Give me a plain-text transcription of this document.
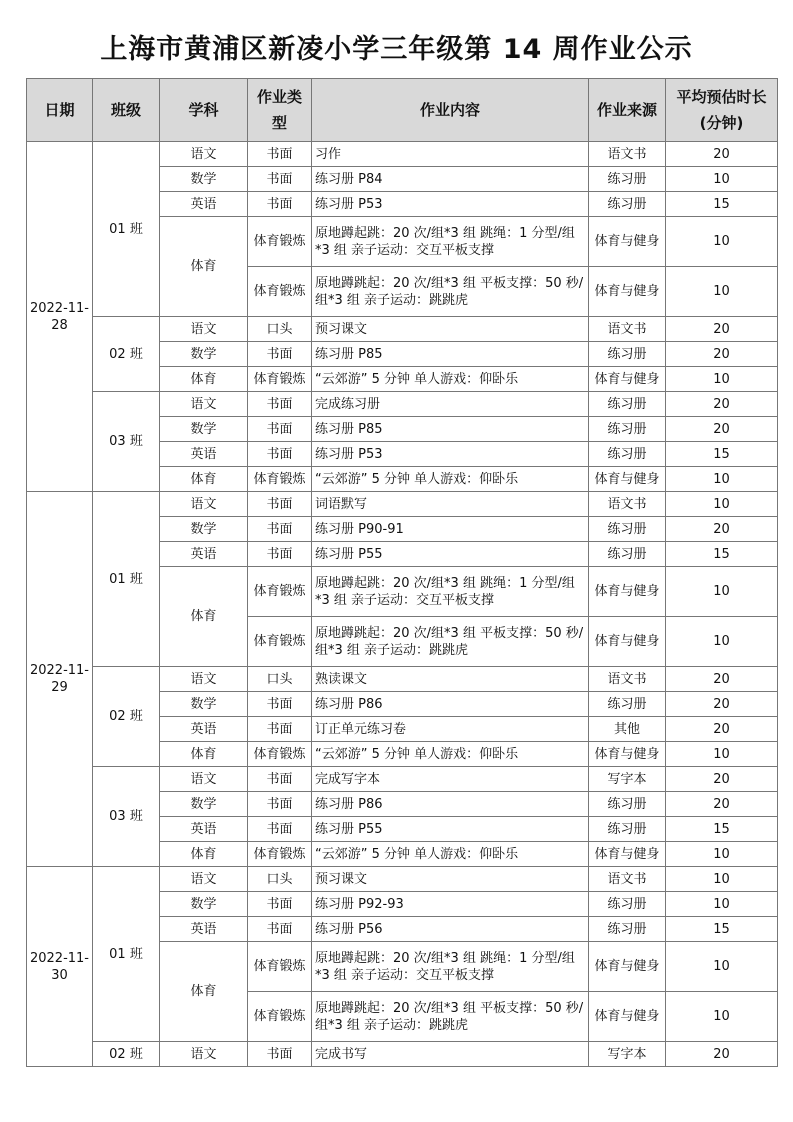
上海市黄浦区新凌小学三年级第 14 周作业公示
日期	班级	学科	作业类型	作业内容	作业来源	平均预估时长(分钟)
2022-11-28	01 班	语文	书面	习作	语文书	20
		数学	书面	练习册 P84	练习册	10
		英语	书面	练习册 P53	练习册	15
		体育	体育锻炼	原地蹲起跳：20 次/组*3 组 跳绳：1 分型/组*3 组 亲子运动：交互平板支撑	体育与健身	10
			体育锻炼	原地蹲跳起：20 次/组*3 组 平板支撑：50 秒/组*3 组 亲子运动：跳跳虎	体育与健身	10
	02 班	语文	口头	预习课文	语文书	20
		数学	书面	练习册 P85	练习册	20
		体育	体育锻炼	“云郊游” 5 分钟 单人游戏：仰卧乐	体育与健身	10
	03 班	语文	书面	完成练习册	练习册	20
		数学	书面	练习册 P85	练习册	20
		英语	书面	练习册 P53	练习册	15
		体育	体育锻炼	“云郊游” 5 分钟 单人游戏：仰卧乐	体育与健身	10
2022-11-29	01 班	语文	书面	词语默写	语文书	10
		数学	书面	练习册 P90-91	练习册	20
		英语	书面	练习册 P55	练习册	15
		体育	体育锻炼	原地蹲起跳：20 次/组*3 组 跳绳：1 分型/组*3 组 亲子运动：交互平板支撑	体育与健身	10
			体育锻炼	原地蹲跳起：20 次/组*3 组 平板支撑：50 秒/组*3 组 亲子运动：跳跳虎	体育与健身	10
	02 班	语文	口头	熟读课文	语文书	20
		数学	书面	练习册 P86	练习册	20
		英语	书面	订正单元练习卷	其他	20
		体育	体育锻炼	“云郊游” 5 分钟 单人游戏：仰卧乐	体育与健身	10
	03 班	语文	书面	完成写字本	写字本	20
		数学	书面	练习册 P86	练习册	20
		英语	书面	练习册 P55	练习册	15
		体育	体育锻炼	“云郊游” 5 分钟 单人游戏：仰卧乐	体育与健身	10
2022-11-30	01 班	语文	口头	预习课文	语文书	10
		数学	书面	练习册 P92-93	练习册	10
		英语	书面	练习册 P56	练习册	15
		体育	体育锻炼	原地蹲起跳：20 次/组*3 组 跳绳：1 分型/组*3 组 亲子运动：交互平板支撑	体育与健身	10
			体育锻炼	原地蹲跳起：20 次/组*3 组 平板支撑：50 秒/组*3 组 亲子运动：跳跳虎	体育与健身	10
	02 班	语文	书面	完成书写	写字本	20
